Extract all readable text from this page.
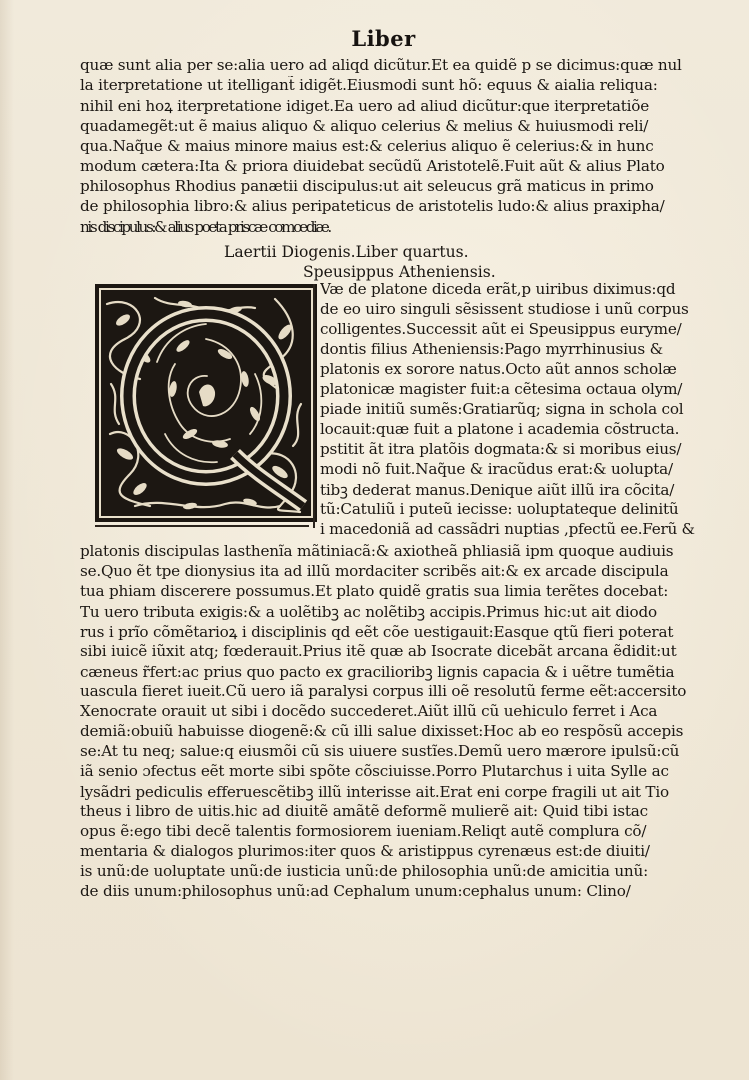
Liber
quæ sunt alia per se:alia uero ad aliqd dicũtur.Et ea quidẽ p se dicimus:quæ nul
la iterpretatione ut itelligant̃ idigẽt.Eiusmodi sunt hõ: equus & aialia reliqua:
nihil eni hoꝝ iterpretatione idiget.Ea uero ad aliud dicũtur:que iterpretatiõe
quadamegẽt:ut ẽ maius aliquo & aliquo celerius & melius & huiusmodi reli/
qua.Naq̃ue & maius minore maius est:& celerius aliquo ẽ celerius:& in hunc
modum cætera:Ita & priora diuidebat secũdũ Aristotelẽ.Fuit aũt & alius Plato
philosophus Rhodius panætii discipulus:ut ait seleucus grã maticus in primo
de philosophia libro:& alius peripateticus de aristotelis ludo:& alius praxipha/
nis discipulus:& alius poeta priscæ comœdiæ.
Laertii Diogenis.Liber quartus.
Speusippus Atheniensis.
Væ de platone diceda erãt,p uiribus diximus:qd
de eo uiro singuli sẽsissent studiose i unũ corpus
colligentes.Successit aũt ei Speusippus euryme/
dontis filius Atheniensis:Pago myrrhinusius &
platonis ex sorore natus.Octo aũt annos scholæ
platonicæ magister fuit:a cẽtesima octaua olym/
piade initiũ sumẽs:Gratiarũq; signa in schola col
locauit:quæ fuit a platone i academia cõstructa.
pstitit ãt itra platõis dogmata:& si moribus eius/
modi nõ fuit.Naq̃ue & iracũdus erat:& uolupta/
tibꝫ dederat manus.Denique aiũt illũ ira cõcita/
tũ:Catuliũ i puteũ iecisse: uoluptateque delinitũ
i macedoniã ad cassãdri nuptias ,pfectũ ee.Ferũ &
platonis discipulas lasthenĩa mãtiniacã:& axiotheã phliasiã ipm quoque audiuis
se.Quo ẽt tpe dionysius ita ad illũ mordaciter scribẽs ait:& ex arcade discipula
tua phiam discerere possumus.Et plato quidẽ gratis sua limia terẽtes docebat:
Tu uero tributa exigis:& a uolẽtibꝫ ac nolẽtibꝫ accipis.Primus hic:ut ait diodo
rus i prĩo cõmẽtarioꝝ i disciplinis qd eẽt cõe uestigauit:Easque qtũ fieri poterat
sibi iuicẽ iũxit atq; fœderauit.Prius itẽ quæ ab Isocrate dicebãt arcana ẽdidit:ut
cæneus r̃fert:ac prius quo pacto ex gracilioribꝫ lignis capacia & i uẽtre tumẽtia
uascula fieret iueit.Cũ uero iã paralysi corpus illi oẽ resolutũ ferme eẽt:accersito
Xenocrate orauit ut sibi i docẽdo succederet.Aiũt illũ cũ uehiculo ferret i Aca
demiã:obuiũ habuisse diogenẽ:& cũ illi salue dixisset:Hoc ab eo respõsũ accepis
se:At tu neq; salue:q eiusmõi cũ sis uiuere sustĩes.Demũ uero mærore ipulsũ:cũ
iã senio ɔfectus eẽt morte sibi spõte cõsciuisse.Porro Plutarchus i uita Sylle ac
lysãdri pediculis efferuescẽtibꝫ illũ interisse ait.Erat eni corpe fragili ut ait Tio
theus i libro de uitis.hic ad diuitẽ amãtẽ deformẽ mulierẽ ait: Quid tibi istac
opus ẽ:ego tibi decẽ talentis formosiorem iueniam.Reliqt autẽ complura cõ/
mentaria & dialogos plurimos:iter quos & aristippus cyrenæus est:de diuiti/
is unũ:de uoluptate unũ:de iusticia unũ:de philosophia unũ:de amicitia unũ:
de diis unum:philosophus unũ:ad Cephalum unum:cephalus unum: Clino/
